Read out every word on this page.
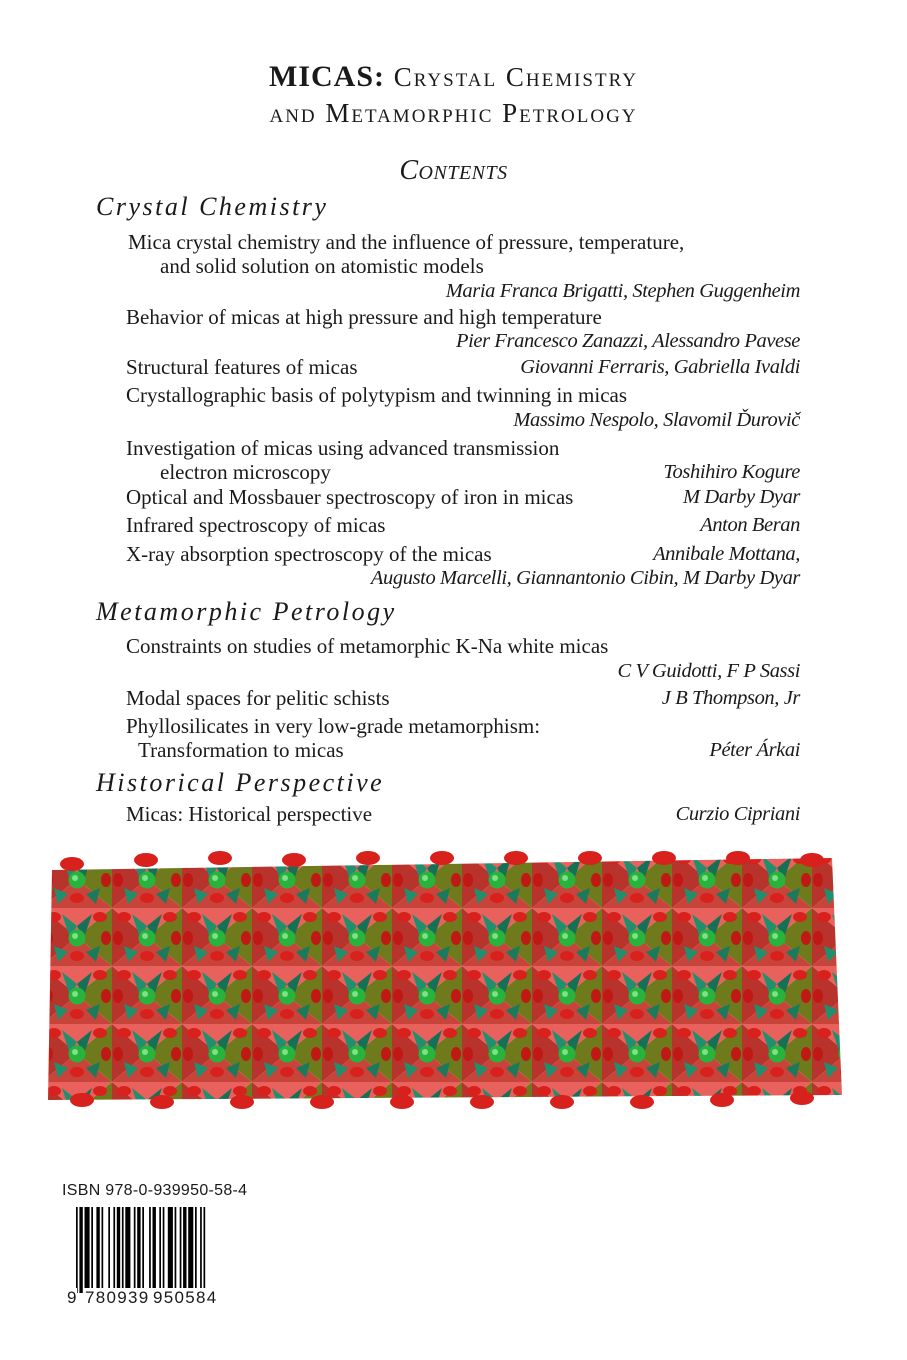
MICAS: Crystal Chemistry
and Metamorphic Petrology
Contents
Crystal Chemistry
Mica crystal chemistry and the influence of pressure, temperature,
and solid solution on atomistic models
Maria Franca Brigatti, Stephen Guggenheim
Behavior of micas at high pressure and high temperature
Pier Francesco Zanazzi, Alessandro Pavese
Structural features of micas	Giovanni Ferraris, Gabriella Ivaldi
Crystallographic basis of polytypism and twinning in micas
Massimo Nespolo, Slavomil Ďurovič
Investigation of micas using advanced transmission
electron microscopy	Toshihiro Kogure
Optical and Mossbauer spectroscopy of iron in micas	M Darby Dyar
Infrared spectroscopy of micas	Anton Beran
X-ray absorption spectroscopy of the micas	Annibale Mottana,
Augusto Marcelli, Giannantonio Cibin, M Darby Dyar
Metamorphic Petrology
Constraints on studies of metamorphic K-Na white micas
C V Guidotti, F P Sassi
Modal spaces for pelitic schists	J B Thompson, Jr
Phyllosilicates in very low-grade metamorphism:
Transformation to micas	Péter Árkai
Historical Perspective
Micas: Historical perspective	Curzio Cipriani
ISBN 978-0-939950-58-4
9 780939 950584
